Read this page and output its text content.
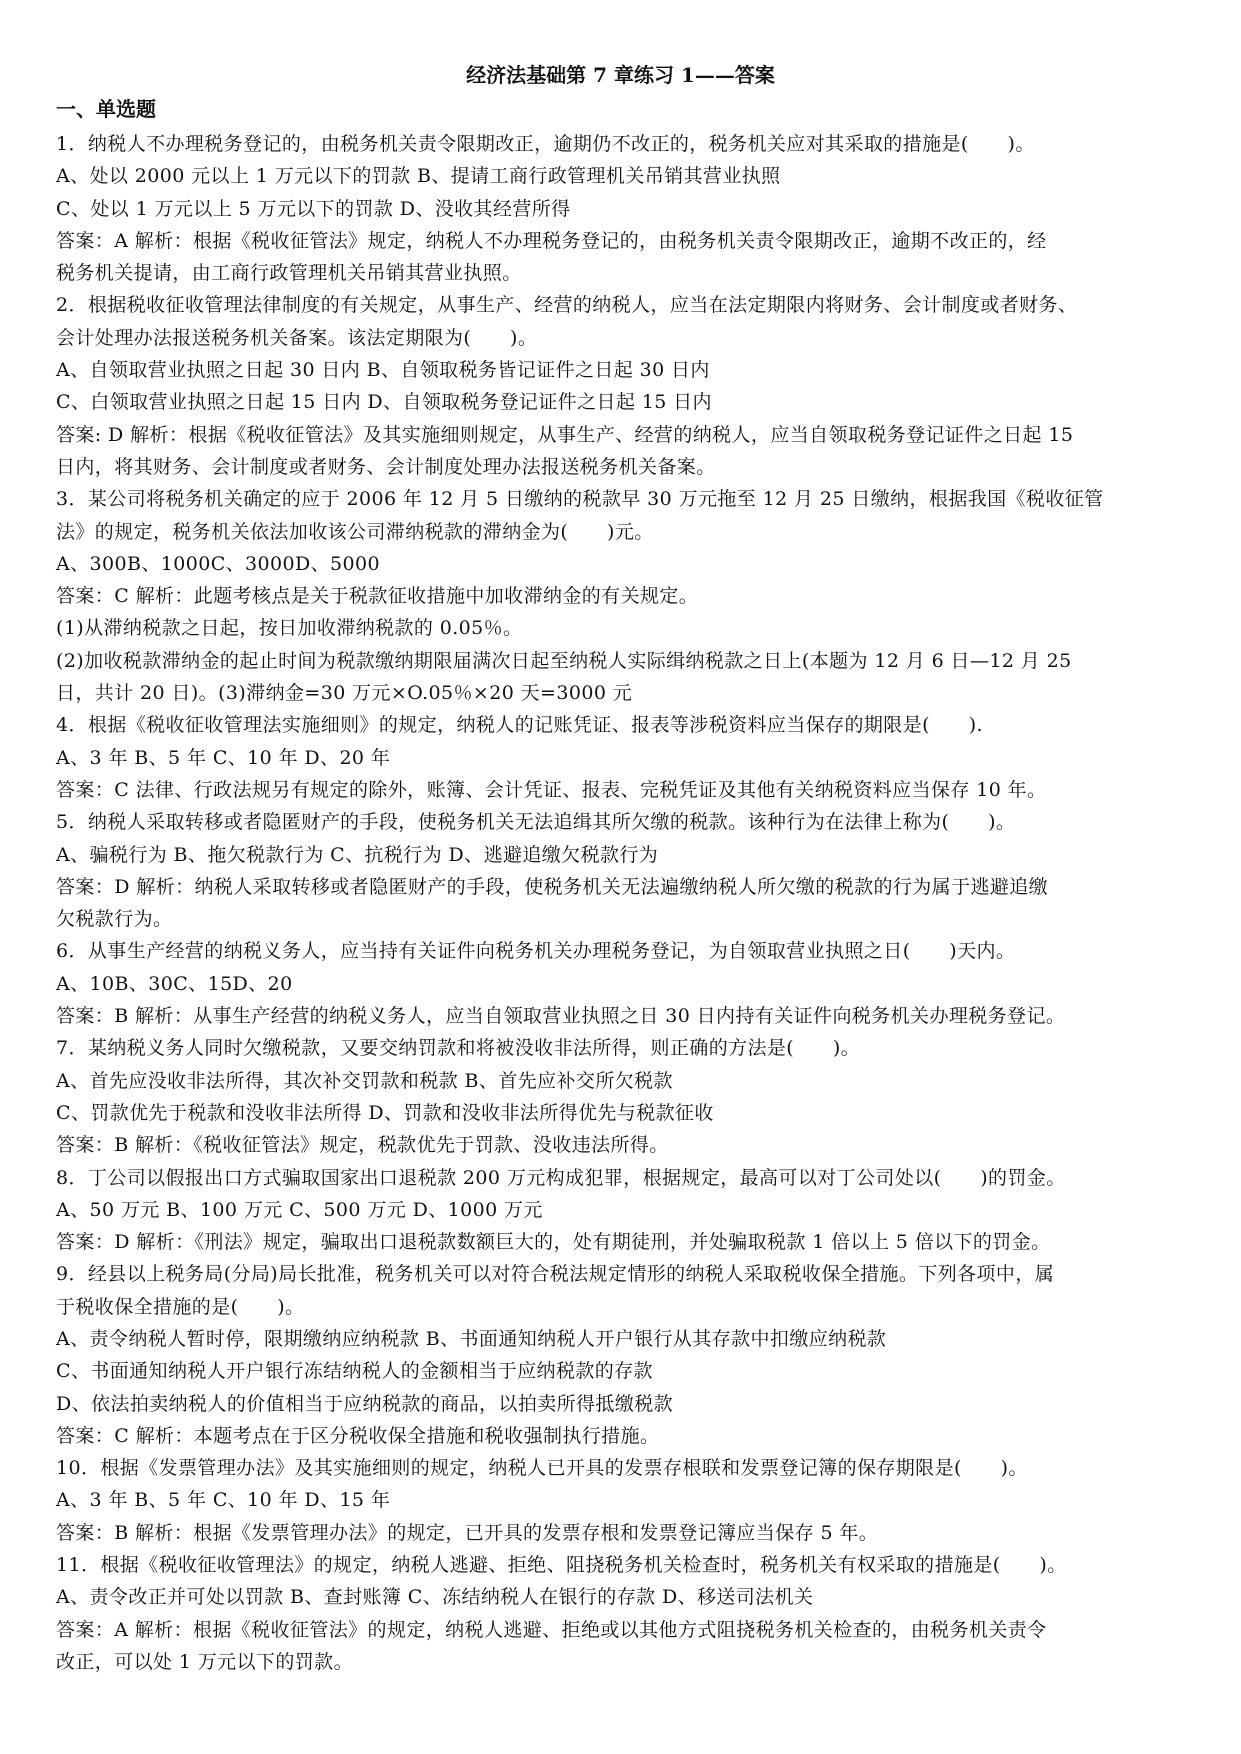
经济法基础第 7 章练习 1——答案
一、单选题
1．纳税人不办理税务登记的，由税务机关责令限期改正，逾期仍不改正的，税务机关应对其采取的措施是(　　)。
A、处以 2000 元以上 1 万元以下的罚款 B、提请工商行政管理机关吊销其营业执照
C、处以 1 万元以上 5 万元以下的罚款 D、没收其经营所得
答案：A 解析：根据《税收征管法》规定，纳税人不办理税务登记的，由税务机关责令限期改正，逾期不改正的，经
税务机关提请，由工商行政管理机关吊销其营业执照。
2．根据税收征收管理法律制度的有关规定，从事生产、经营的纳税人，应当在法定期限内将财务、会计制度或者财务、
会计处理办法报送税务机关备案。该法定期限为(　　)。
A、自领取营业执照之日起 30 日内 B、自领取税务皆记证件之日起 30 日内
C、白领取营业执照之日起 15 日内 D、自领取税务登记证件之日起 15 日内
答案: D 解析：根据《税收征管法》及其实施细则规定，从事生产、经营的纳税人，应当自领取税务登记证件之日起 15
日内，将其财务、会计制度或者财务、会计制度处理办法报送税务机关备案。
3．某公司将税务机关确定的应于 2006 年 12 月 5 日缴纳的税款早 30 万元拖至 12 月 25 日缴纳，根据我国《税收征管
法》的规定，税务机关依法加收该公司滞纳税款的滞纳金为(　　)元。
A、300B、1000C、3000D、5000
答案：C 解析：此题考核点是关于税款征收措施中加收滞纳金的有关规定。
(1)从滞纳税款之日起，按日加收滞纳税款的 0.05％。
(2)加收税款滞纳金的起止时间为税款缴纳期限届满次日起至纳税人实际缉纳税款之日上(本题为 12 月 6 日—12 月 25
日，共计 20 日)。(3)滞纳金=30 万元×O.05％×20 天=3000 元
4．根据《税收征收管理法实施细则》的规定，纳税人的记账凭证、报表等涉税资料应当保存的期限是(　　).
A、3 年 B、5 年 C、10 年 D、20 年
答案：C 法律、行政法规另有规定的除外，账簿、会计凭证、报表、完税凭证及其他有关纳税资料应当保存 10 年。
5．纳税人采取转移或者隐匿财产的手段，使税务机关无法追缉其所欠缴的税款。该种行为在法律上称为(　　)。
A、骗税行为 B、拖欠税款行为 C、抗税行为 D、逃避追缴欠税款行为
答案：D 解析：纳税人采取转移或者隐匿财产的手段，使税务机关无法遍缴纳税人所欠缴的税款的行为属于逃避追缴
欠税款行为。
6．从事生产经营的纳税义务人，应当持有关证件向税务机关办理税务登记，为自领取营业执照之日(　　)天内。
A、10B、30C、15D、20
答案：B 解析：从事生产经营的纳税义务人，应当自领取营业执照之日 30 日内持有关证件向税务机关办理税务登记。
7．某纳税义务人同时欠缴税款，又要交纳罚款和将被没收非法所得，则正确的方法是(　　)。
A、首先应没收非法所得，其次补交罚款和税款 B、首先应补交所欠税款
C、罚款优先于税款和没收非法所得 D、罚款和没收非法所得优先与税款征收
答案：B 解析：《税收征管法》规定，税款优先于罚款、没收违法所得。
8．丁公司以假报出口方式骗取国家出口退税款 200 万元构成犯罪，根据规定，最高可以对丁公司处以(　　)的罚金。
A、50 万元 B、100 万元 C、500 万元 D、1000 万元
答案：D 解析：《刑法》规定，骗取出口退税款数额巨大的，处有期徒刑，并处骗取税款 1 倍以上 5 倍以下的罚金。
9．经县以上税务局(分局)局长批准，税务机关可以对符合税法规定情形的纳税人采取税收保全措施。下列各项中，属
于税收保全措施的是(　　)。
A、责令纳税人暂时停，限期缴纳应纳税款 B、书面通知纳税人开户银行从其存款中扣缴应纳税款
C、书面通知纳税人开户银行冻结纳税人的金额相当于应纳税款的存款
D、依法拍卖纳税人的价值相当于应纳税款的商品，以拍卖所得抵缴税款
答案：C 解析：本题考点在于区分税收保全措施和税收强制执行措施。
10．根据《发票管理办法》及其实施细则的规定，纳税人已开具的发票存根联和发票登记簿的保存期限是(　　)。
A、3 年 B、5 年 C、10 年 D、15 年
答案：B 解析：根据《发票管理办法》的规定，已开具的发票存根和发票登记簿应当保存 5 年。
11．根据《税收征收管理法》的规定，纳税人逃避、拒绝、阻挠税务机关检查时，税务机关有权采取的措施是(　　)。
A、责令改正并可处以罚款 B、查封账簿 C、冻结纳税人在银行的存款 D、移送司法机关
答案：A 解析：根据《税收征管法》的规定，纳税人逃避、拒绝或以其他方式阻挠税务机关检查的，由税务机关责令
改正，可以处 1 万元以下的罚款。
